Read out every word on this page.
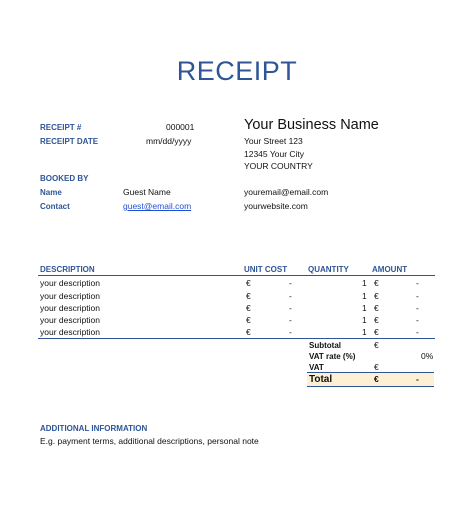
RECEIPT
RECEIPT #	000001
RECEIPT DATE	mm/dd/yyyy
Your Business Name
Your Street 123
12345 Your City
YOUR COUNTRY
youremail@email.com
yourwebsite.com
BOOKED BY
Name	Guest Name
Contact	guest@email.com
DESCRIPTION	UNIT COST	QUANTITY	AMOUNT
your description	€	-	1 €	-
your description	€	-	1 €	-
your description	€	-	1 €	-
your description	€	-	1 €	-
your description	€	-	1 €	-
Subtotal	€
VAT rate (%)	0%
VAT	€
Total	€	-
ADDITIONAL INFORMATION
E.g. payment terms, additional descriptions, personal note
